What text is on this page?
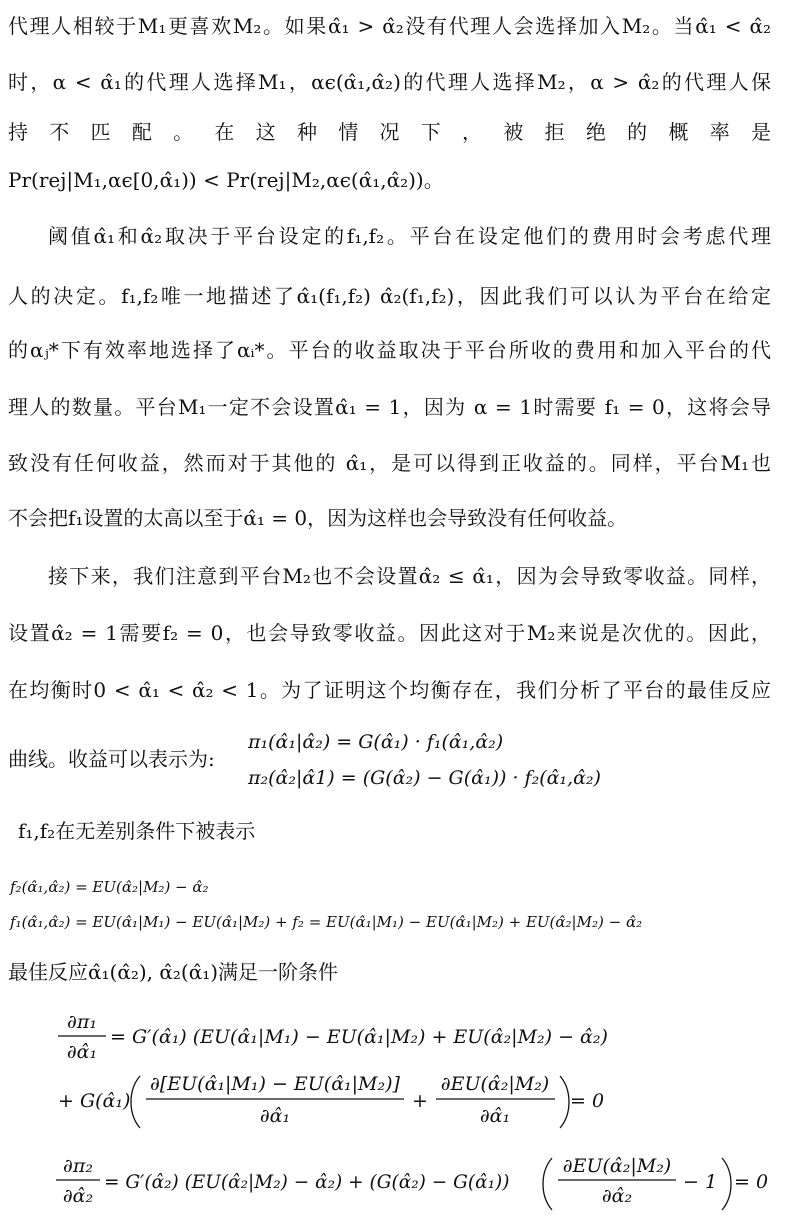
代理人相较于M₁更喜欢M₂。如果α̂₁ > α̂₂没有代理人会选择加入M₂。当α̂₁ < α̂₂
时，α < α̂₁的代理人选择M₁，αϵ(α̂₁,α̂₂)的代理人选择M₂，α > α̂₂的代理人保
持 不 匹 配 。 在 这 种 情 况 下 ， 被 拒 绝 的 概 率 是
Pr(rej|M₁,αϵ[0,α̂₁)) < Pr(rej|M₂,αϵ(α̂₁,α̂₂))。
阈值α̂₁和α̂₂取决于平台设定的f₁,f₂。平台在设定他们的费用时会考虑代理
人的决定。f₁,f₂唯一地描述了α̂₁(f₁,f₂) α̂₂(f₁,f₂)，因此我们可以认为平台在给定
的αⱼ*下有效率地选择了αᵢ*。平台的收益取决于平台所收的费用和加入平台的代
理人的数量。平台M₁一定不会设置α̂₁ = 1，因为 α = 1时需要 f₁ = 0，这将会导
致没有任何收益，然而对于其他的 α̂₁，是可以得到正收益的。同样，平台M₁也
不会把f₁设置的太高以至于α̂₁ = 0，因为这样也会导致没有任何收益。
接下来，我们注意到平台M₂也不会设置α̂₂ ≤ α̂₁，因为会导致零收益。同样，
设置α̂₂ = 1需要f₂ = 0，也会导致零收益。因此这对于M₂来说是次优的。因此，
在均衡时0 < α̂₁ < α̂₂ < 1。为了证明这个均衡存在，我们分析了平台的最佳反应
曲线。收益可以表示为:
π₁(α̂₁|α̂₂) = G(α̂₁) · f₁(α̂₁,α̂₂)
π₂(α̂₂|α̂1) = (G(α̂₂) − G(α̂₁)) · f₂(α̂₁,α̂₂)
f₁,f₂在无差别条件下被表示
f₂(α̂₁,α̂₂) = EU(α̂₂|M₂) − α̂₂
f₁(α̂₁,α̂₂) = EU(α̂₁|M₁) − EU(α̂₁|M₂) + f₂ = EU(α̂₁|M₁) − EU(α̂₁|M₂) + EU(α̂₂|M₂) − α̂₂
最佳反应α̂₁(α̂₂), α̂₂(α̂₁)满足一阶条件
∂π₁
∂α̂₁
= G′(α̂₁) (EU(α̂₁|M₁) − EU(α̂₁|M₂) + EU(α̂₂|M₂) − α̂₂)
+ G(α̂₁)
∂[EU(α̂₁|M₁) − EU(α̂₁|M₂)]
∂α̂₁
+
∂EU(α̂₂|M₂)
∂α̂₁
= 0
∂π₂
∂α̂₂
= G′(α̂₂) (EU(α̂₂|M₂) − α̂₂) + (G(α̂₂) − G(α̂₁))
∂EU(α̂₂|M₂)
∂α̂₂
− 1 = 0
